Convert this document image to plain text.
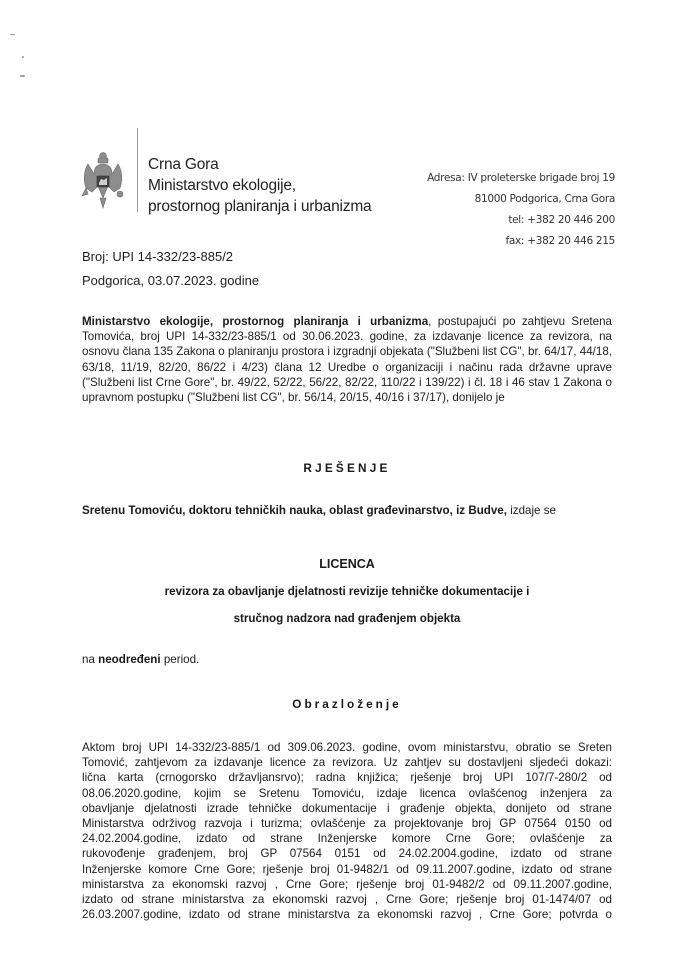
Crna Gora
Ministarstvo ekologije,
prostornog planiranja i urbanizma
Adresa: IV proleterske brigade broj 19
81000 Podgorica, Crna Gora
tel: +382 20 446 200
fax: +382 20 446 215
Broj: UPI 14-332/23-885/2
Podgorica, 03.07.2023. godine
Ministarstvo ekologije, prostornog planiranja i urbanizma, postupajući po zahtjevu Sretena Tomovića, broj UPI 14-332/23-885/1 od 30.06.2023. godine, za izdavanje licence za revizora, na osnovu člana 135 Zakona o planiranju prostora i izgradnji objekata ("Službeni list CG", br. 64/17, 44/18, 63/18, 11/19, 82/20, 86/22 i 4/23) člana 12 Uredbe o organizaciji i načinu rada državne uprave ("Službeni list Crne Gore", br. 49/22, 52/22, 56/22, 82/22, 110/22 i 139/22) i čl. 18 i 46 stav 1 Zakona o upravnom postupku ("Službeni list CG", br. 56/14, 20/15, 40/16 i 37/17), donijelo je
RJEŠENJE
Sretenu Tomoviću, doktoru tehničkih nauka, oblast građevinarstvo, iz Budve, izdaje se
LICENCA
revizora za obavljanje djelatnosti revizije tehničke dokumentacije i
stručnog nadzora nad građenjem objekta
na neodređeni period.
Obrazloženje
Aktom broj UPI 14-332/23-885/1 od 309.06.2023. godine, ovom ministarstvu, obratio se Sreten
Tomović, zahtjevom za izdavanje licence za revizora. Uz zahtjev su dostavljeni sljedeći dokazi:
lična karta (crnogorsko državljansrvo); radna knjižica; rješenje broj UPI 107/7-280/2 od
08.06.2020.godine, kojim se Sretenu Tomoviću, izdaje licenca ovlašćenog inženjera za
obavljanje djelatnosti izrade tehničke dokumentacije i građenje objekta, donijeto od strane
Ministarstva održivog razvoja i turizma; ovlašćenje za projektovanje broj GP 07564 0150 od
24.02.2004.godine, izdato od strane Inženjerske komore Crne Gore; ovlašćenje za
rukovođenje građenjem, broj GP 07564 0151 od 24.02.2004.godine, izdato od strane
Inženjerske komore Crne Gore; rješenje broj 01-9482/1 od 09.11.2007.godine, izdato od strane
ministarstva za ekonomski razvoj , Crne Gore; rješenje broj 01-9482/2 od 09.11.2007.godine,
izdato od strane ministarstva za ekonomski razvoj , Crne Gore; rješenje broj 01-1474/07 od
26.03.2007.godine, izdato od strane ministarstva za ekonomski razvoj , Crne Gore; potvrda o
